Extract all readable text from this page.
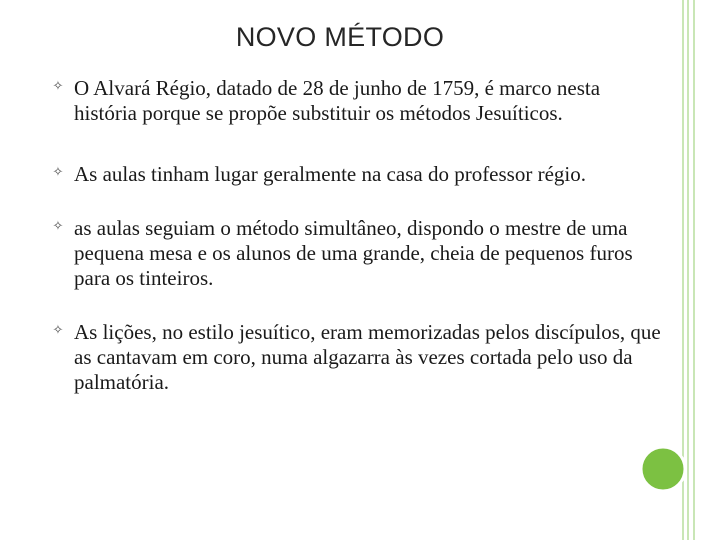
NOVO MÉTODO
✧ O Alvará Régio, datado de 28 de junho de 1759, é marco nesta história porque se propõe substituir os métodos Jesuíticos.
✧ As aulas tinham lugar geralmente na casa do professor régio.
✧ as aulas seguiam o método simultâneo, dispondo o mestre de uma pequena mesa e os alunos de uma grande, cheia de pequenos furos para os tinteiros.
✧ As lições, no estilo jesuítico, eram memorizadas pelos discípulos, que as cantavam em coro, numa algazarra às vezes cortada pelo uso da palmatória.
